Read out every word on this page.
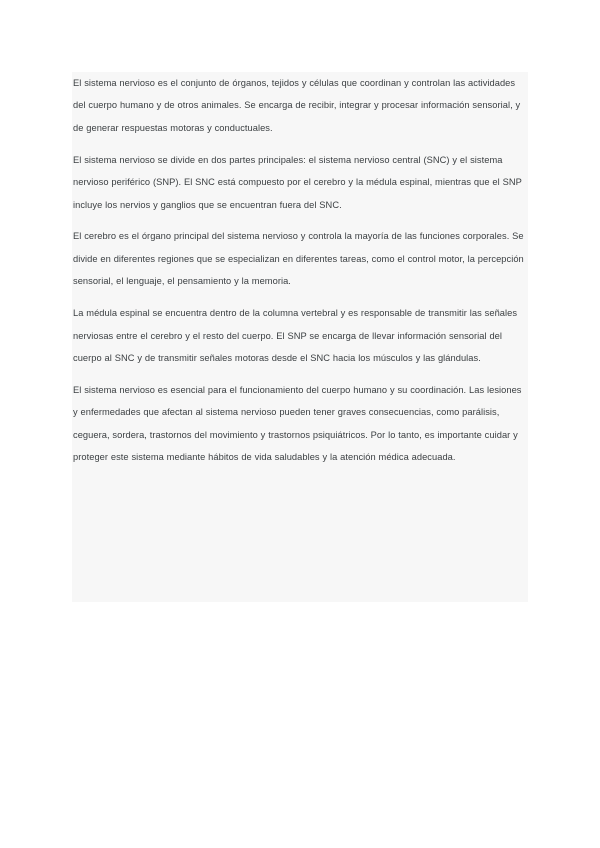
El sistema nervioso es el conjunto de órganos, tejidos y células que coordinan y controlan las actividades del cuerpo humano y de otros animales. Se encarga de recibir, integrar y procesar información sensorial, y de generar respuestas motoras y conductuales.

El sistema nervioso se divide en dos partes principales: el sistema nervioso central (SNC) y el sistema nervioso periférico (SNP). El SNC está compuesto por el cerebro y la médula espinal, mientras que el SNP incluye los nervios y ganglios que se encuentran fuera del SNC.

El cerebro es el órgano principal del sistema nervioso y controla la mayoría de las funciones corporales. Se divide en diferentes regiones que se especializan en diferentes tareas, como el control motor, la percepción sensorial, el lenguaje, el pensamiento y la memoria.

La médula espinal se encuentra dentro de la columna vertebral y es responsable de transmitir las señales nerviosas entre el cerebro y el resto del cuerpo. El SNP se encarga de llevar información sensorial del cuerpo al SNC y de transmitir señales motoras desde el SNC hacia los músculos y las glándulas.

El sistema nervioso es esencial para el funcionamiento del cuerpo humano y su coordinación. Las lesiones y enfermedades que afectan al sistema nervioso pueden tener graves consecuencias, como parálisis, ceguera, sordera, trastornos del movimiento y trastornos psiquiátricos. Por lo tanto, es importante cuidar y proteger este sistema mediante hábitos de vida saludables y la atención médica adecuada.
